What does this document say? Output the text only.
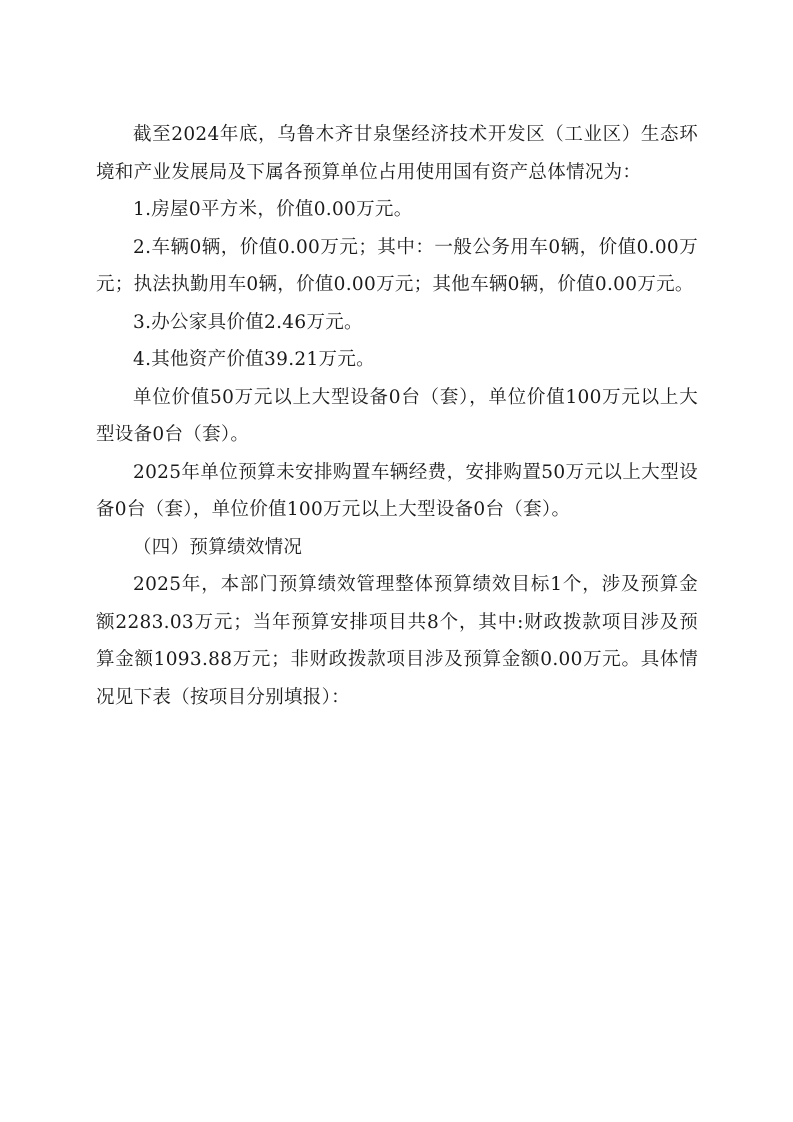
截至2024年底，乌鲁木齐甘泉堡经济技术开发区（工业区）生态环境和产业发展局及下属各预算单位占用使用国有资产总体情况为：

1.房屋0平方米，价值0.00万元。

2.车辆0辆，价值0.00万元；其中：一般公务用车0辆，价值0.00万元；执法执勤用车0辆，价值0.00万元；其他车辆0辆，价值0.00万元。

3.办公家具价值2.46万元。

4.其他资产价值39.21万元。

单位价值50万元以上大型设备0台（套），单位价值100万元以上大型设备0台（套）。

2025年单位预算未安排购置车辆经费，安排购置50万元以上大型设备0台（套），单位价值100万元以上大型设备0台（套）。

（四）预算绩效情况

2025年，本部门预算绩效管理整体预算绩效目标1个，涉及预算金额2283.03万元；当年预算安排项目共8个，其中:财政拨款项目涉及预算金额1093.88万元；非财政拨款项目涉及预算金额0.00万元。具体情况见下表（按项目分别填报）：
